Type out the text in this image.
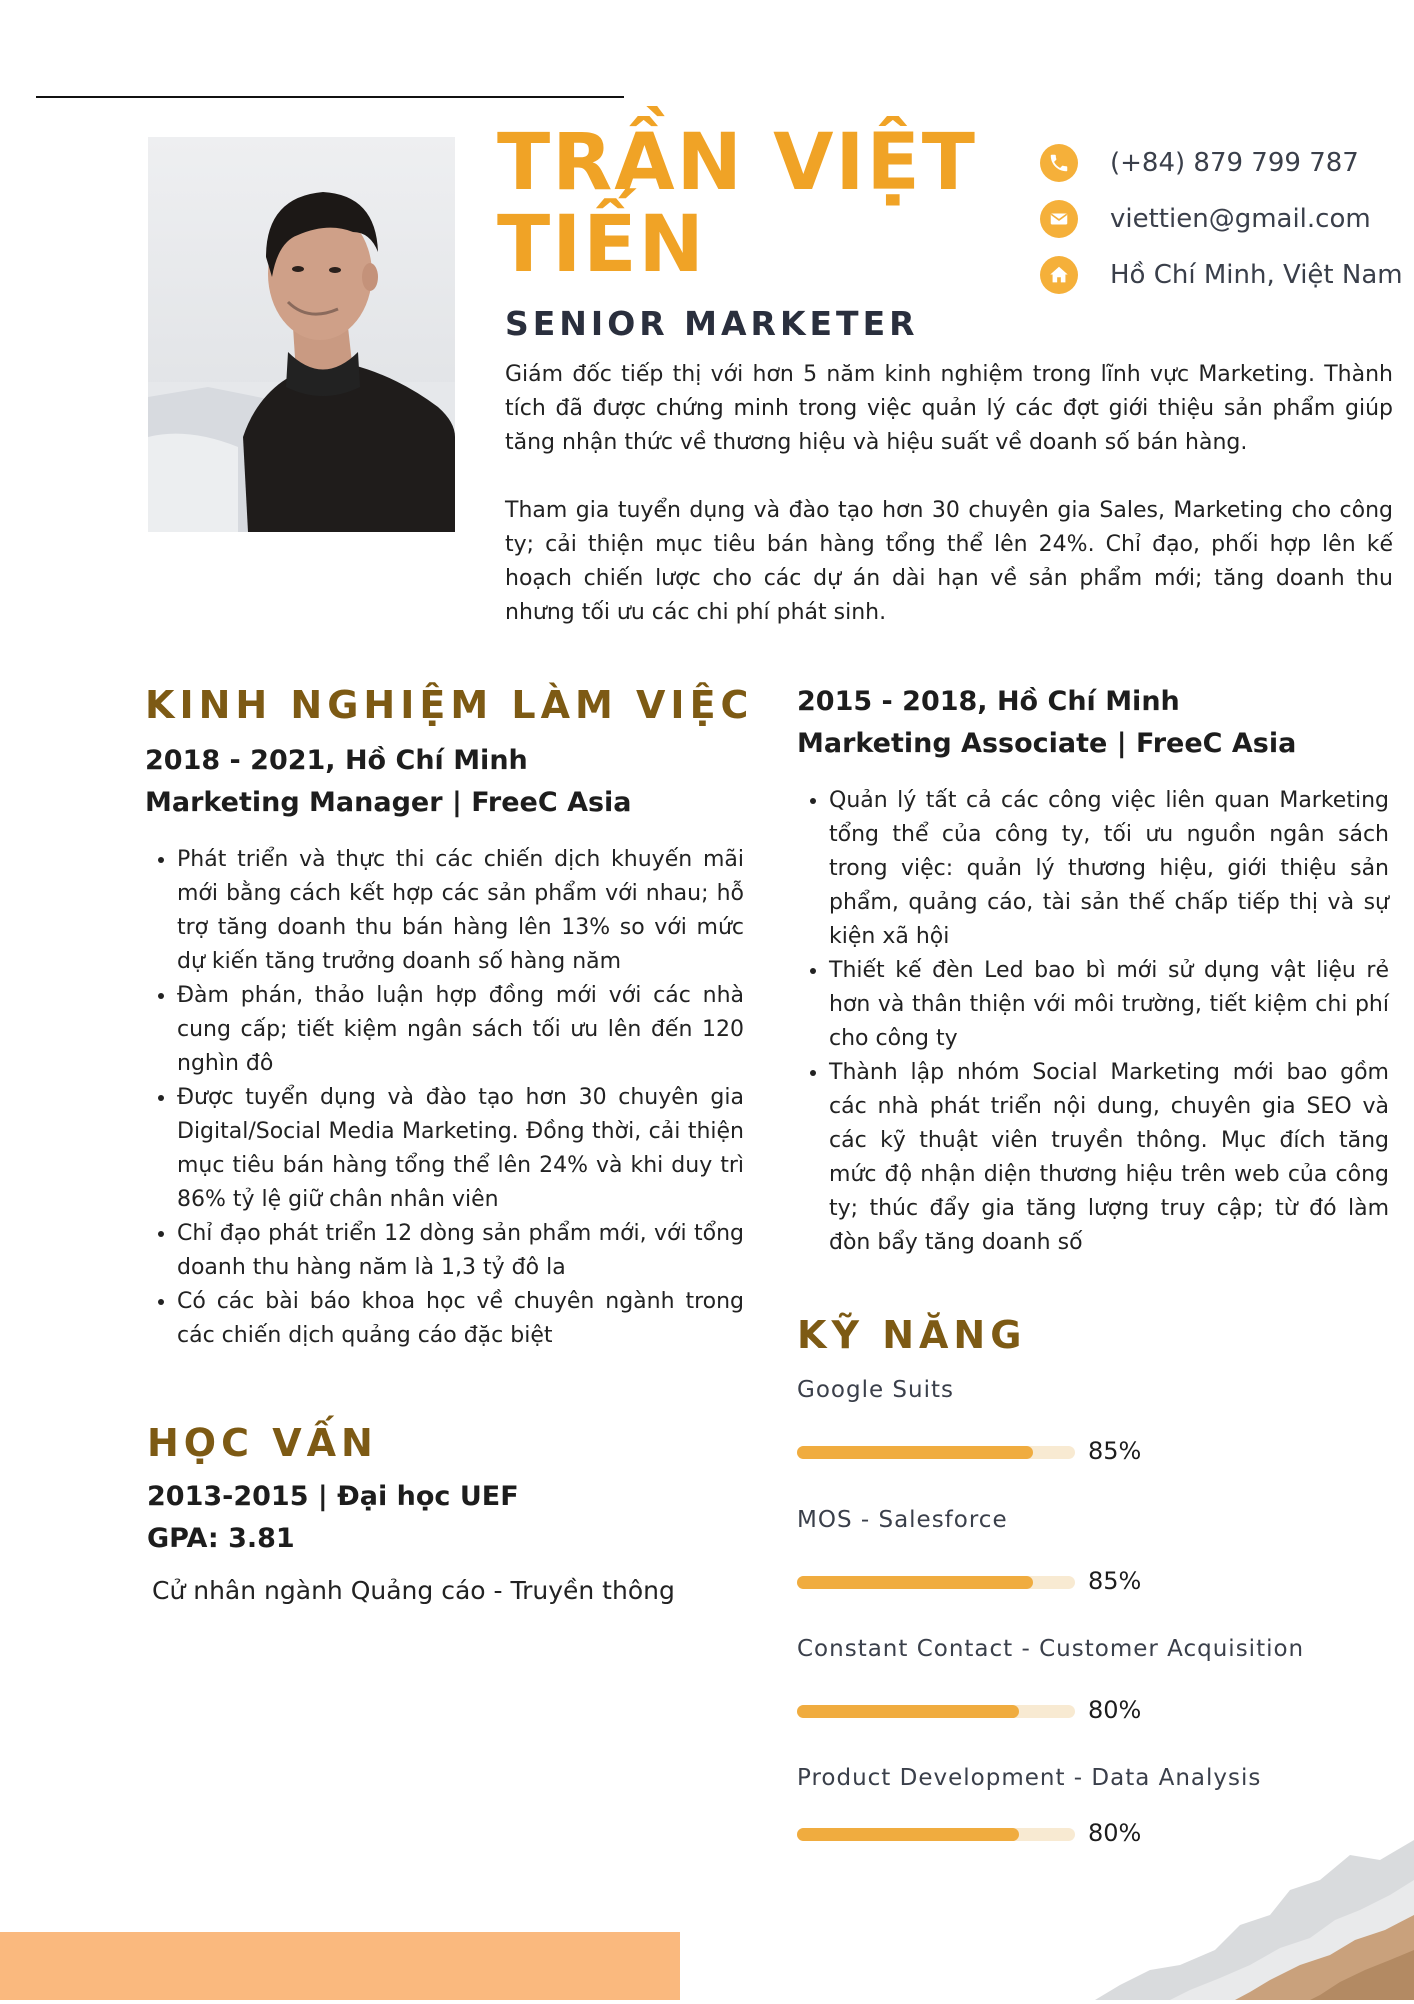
TRẦN VIỆT TIẾN
SENIOR MARKETER
(+84) 879 799 787
viettien@gmail.com
Hồ Chí Minh, Việt Nam

Giám đốc tiếp thị với hơn 5 năm kinh nghiệm trong lĩnh vực Marketing. Thành tích đã được chứng minh trong việc quản lý các đợt giới thiệu sản phẩm giúp tăng nhận thức về thương hiệu và hiệu suất về doanh số bán hàng.

Tham gia tuyển dụng và đào tạo hơn 30 chuyên gia Sales, Marketing cho công ty; cải thiện mục tiêu bán hàng tổng thể lên 24%. Chỉ đạo, phối hợp lên kế hoạch chiến lược cho các dự án dài hạn về sản phẩm mới; tăng doanh thu nhưng tối ưu các chi phí phát sinh.

KINH NGHIỆM LÀM VIỆC
2018 - 2021, Hồ Chí Minh
Marketing Manager | FreeC Asia
• Phát triển và thực thi các chiến dịch khuyến mãi mới bằng cách kết hợp các sản phẩm với nhau; hỗ trợ tăng doanh thu bán hàng lên 13% so với mức dự kiến tăng trưởng doanh số hàng năm
• Đàm phán, thảo luận hợp đồng mới với các nhà cung cấp; tiết kiệm ngân sách tối ưu lên đến 120 nghìn đô
• Được tuyển dụng và đào tạo hơn 30 chuyên gia Digital/Social Media Marketing. Đồng thời, cải thiện mục tiêu bán hàng tổng thể lên 24% và khi duy trì 86% tỷ lệ giữ chân nhân viên
• Chỉ đạo phát triển 12 dòng sản phẩm mới, với tổng doanh thu hàng năm là 1,3 tỷ đô la
• Có các bài báo khoa học về chuyên ngành trong các chiến dịch quảng cáo đặc biệt
2015 - 2018, Hồ Chí Minh
Marketing Associate | FreeC Asia
• Quản lý tất cả các công việc liên quan Marketing tổng thể của công ty, tối ưu nguồn ngân sách trong việc: quản lý thương hiệu, giới thiệu sản phẩm, quảng cáo, tài sản thế chấp tiếp thị và sự kiện xã hội
• Thiết kế đèn Led bao bì mới sử dụng vật liệu rẻ hơn và thân thiện với môi trường, tiết kiệm chi phí cho công ty
• Thành lập nhóm Social Marketing mới bao gồm các nhà phát triển nội dung, chuyên gia SEO và các kỹ thuật viên truyền thông. Mục đích tăng mức độ nhận diện thương hiệu trên web của công ty; thúc đẩy gia tăng lượng truy cập; từ đó làm đòn bẩy tăng doanh số
HỌC VẤN
2013-2015 | Đại học UEF
GPA: 3.81
Cử nhân ngành Quảng cáo - Truyền thông
KỸ NĂNG
Google Suits
85%
MOS - Salesforce
85%
Constant Contact - Customer Acquisition
80%
Product Development - Data Analysis
80%
